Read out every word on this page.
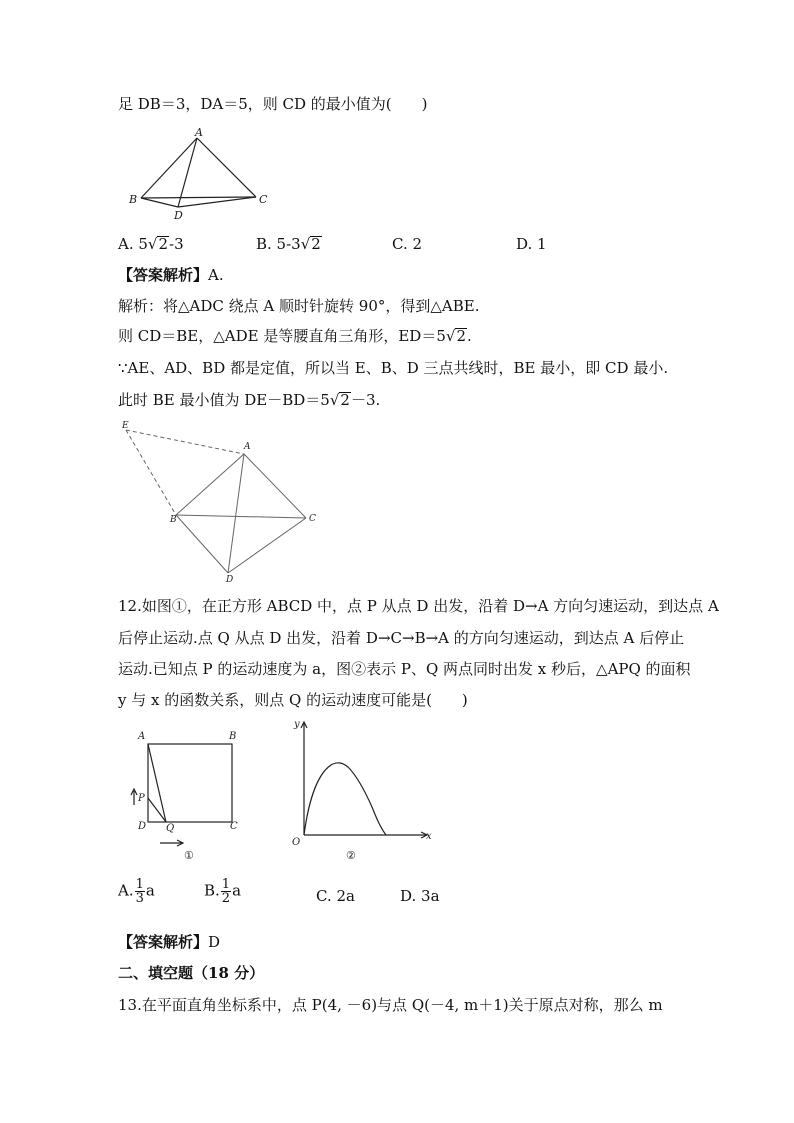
足 DB＝3，DA＝5，则 CD 的最小值为(　　)
A
B	C
D
A. 5√2-3	B. 5-3√2	C. 2	D. 1
【答案解析】A.
解析：将△ADC 绕点 A 顺时针旋转 90°，得到△ABE.
则 CD＝BE，△ADE 是等腰直角三角形，ED＝5√2.
∵AE、AD、BD 都是定值，所以当 E、B、D 三点共线时，BE 最小，即 CD 最小.
此时 BE 最小值为 DE－BD＝5√2－3.
E
A
B	C
D
12.如图①，在正方形 ABCD 中，点 P 从点 D 出发，沿着 D→A 方向匀速运动，到达点 A
后停止运动.点 Q 从点 D 出发，沿着 D→C→B→A 的方向匀速运动，到达点 A 后停止
运动.已知点 P 的运动速度为 a，图②表示 P、Q 两点同时出发 x 秒后，△APQ 的面积
y 与 x 的函数关系，则点 Q 的运动速度可能是(　　)
A	B
C
D
P
Q
①
y
x
O
②
A. $\frac{1}{3}$ a	B. $\frac{1}{2}$ a	C. 2a	D. 3a
【答案解析】D
二、填空题（18 分）
13.在平面直角坐标系中，点 P(4, －6)与点 Q(－4, m＋1)关于原点对称，那么 m
